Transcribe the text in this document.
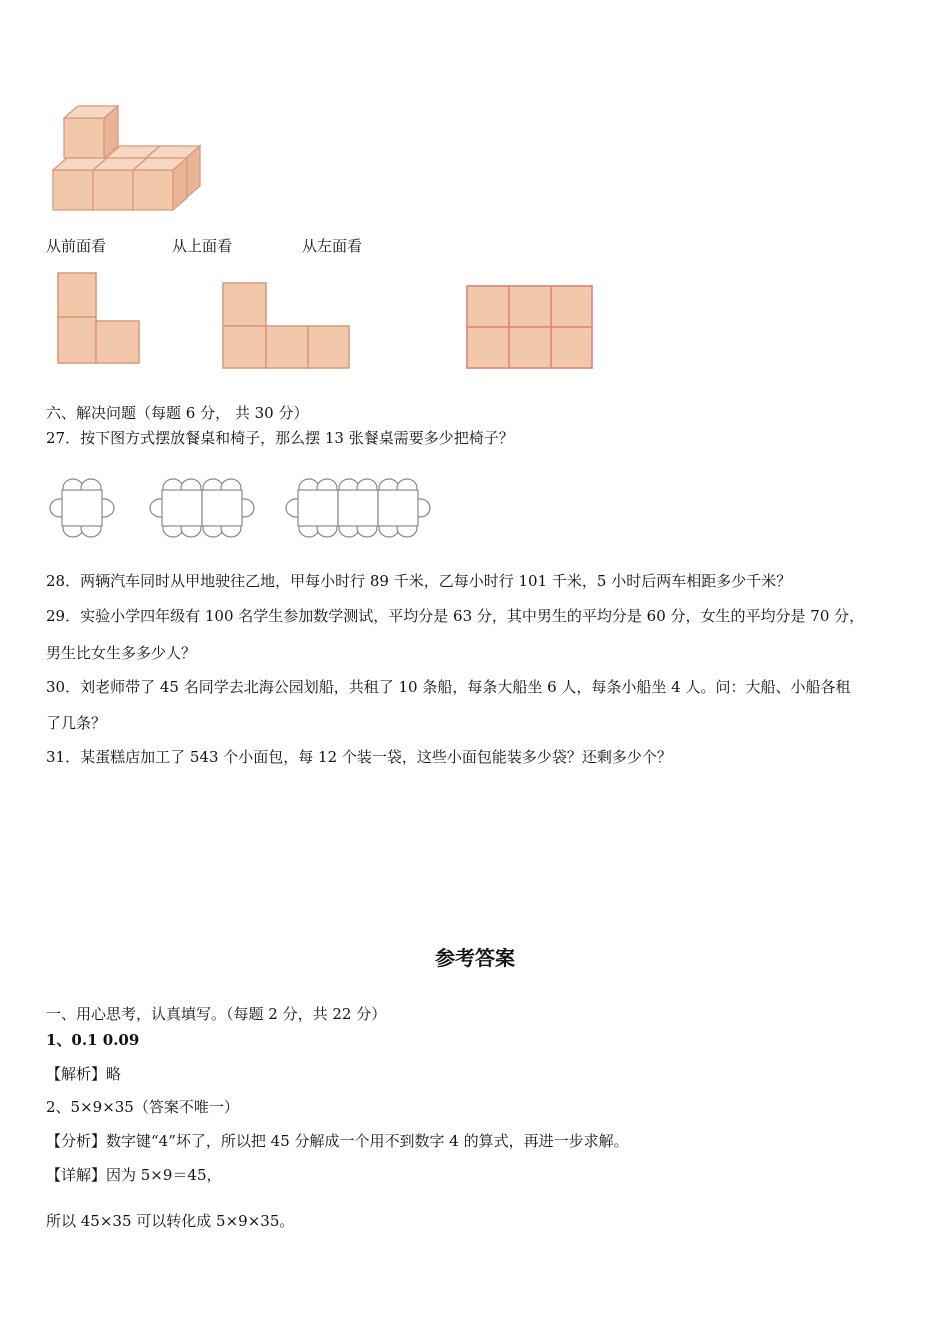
从前面看	从上面看	从左面看
六、解决问题（每题 6 分， 共 30 分）
27．按下图方式摆放餐桌和椅子，那么摆 13 张餐桌需要多少把椅子？
28．两辆汽车同时从甲地驶往乙地，甲每小时行 89 千米，乙每小时行 101 千米，5 小时后两车相距多少千米？
29．实验小学四年级有 100 名学生参加数学测试，平均分是 63 分，其中男生的平均分是 60 分，女生的平均分是 70 分，
男生比女生多多少人？
30．刘老师带了 45 名同学去北海公园划船，共租了 10 条船，每条大船坐 6 人，每条小船坐 4 人。问：大船、小船各租
了几条？
31．某蛋糕店加工了 543 个小面包，每 12 个装一袋，这些小面包能装多少袋？还剩多少个？
参考答案
一、用心思考，认真填写。（每题 2 分，共 22 分）
1、0.1 0.09
【解析】略
2、5×9×35（答案不唯一）
【分析】数字键“4”坏了，所以把 45 分解成一个用不到数字 4 的算式，再进一步求解。
【详解】因为 5×9＝45，
所以 45×35 可以转化成 5×9×35。
